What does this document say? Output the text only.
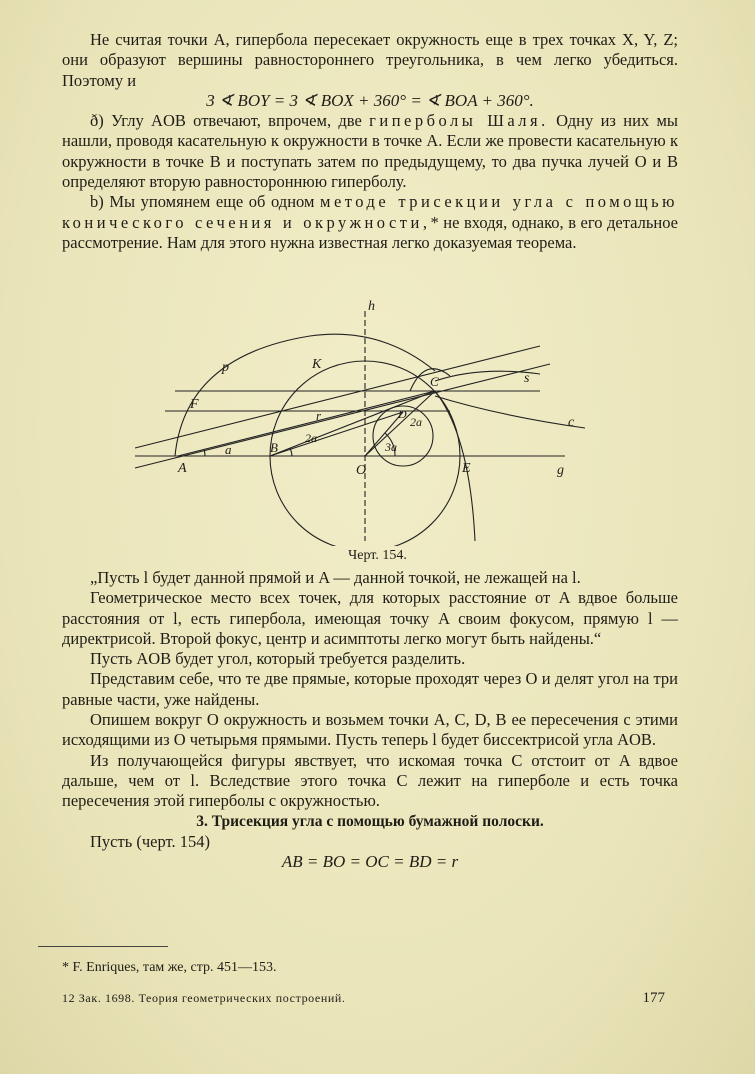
Не считая точки A, гипербола пересекает окружность еще в трех точках X, Y, Z; они образуют вершины равностороннего треугольника, в чем легко убедиться. Поэтому и

3 ∢ BOY = 3 ∢ BOX + 360° = ∢ BOA + 360°.

ð) Углу AOB отвечают, впрочем, две гиперболы Шаля. Одну из них мы нашли, проводя касательную к окружности в точке A. Если же провести касательную к окружности в точке B и поступать затем по предыдущему, то два пучка лучей O и B определяют вторую равностороннюю гиперболу.

b) Мы упомянем еще об одном методе трисекции угла с помощью конического сечения и окружности,* не входя, однако, в его детальное рассмотрение. Нам для этого нужна известная легко доказуемая теорема.

h
p	K
C	s
F
D
r	c
a
2a
2a
3a
A
B
O	E	g
Черт. 154.

„Пусть l будет данной прямой и A — данной точкой, не лежащей на l.

Геометрическое место всех точек, для которых расстояние от A вдвое больше расстояния от l, есть гипербола, имеющая точку A своим фокусом, прямую l — директрисой. Второй фокус, центр и асимптоты легко могут быть найдены.“

Пусть AOB будет угол, который требуется разделить.

Представим себе, что те две прямые, которые проходят через O и делят угол на три равные части, уже найдены.

Опишем вокруг O окружность и возьмем точки A, C, D, B ее пересечения с этими исходящими из O четырьмя прямыми. Пусть теперь l будет биссектрисой угла AOB.

Из получающейся фигуры явствует, что искомая точка C отстоит от A вдвое дальше, чем от l. Вследствие этого точка C лежит на гиперболе и есть точка пересечения этой гиперболы с окружностью.

3. Трисекция угла с помощью бумажной полоски.

Пусть (черт. 154)

AB = BO = OC = BD = r

* F. Enriques, там же, стр. 451—153.
12 Зак. 1698. Теория геометрических построений.	177
